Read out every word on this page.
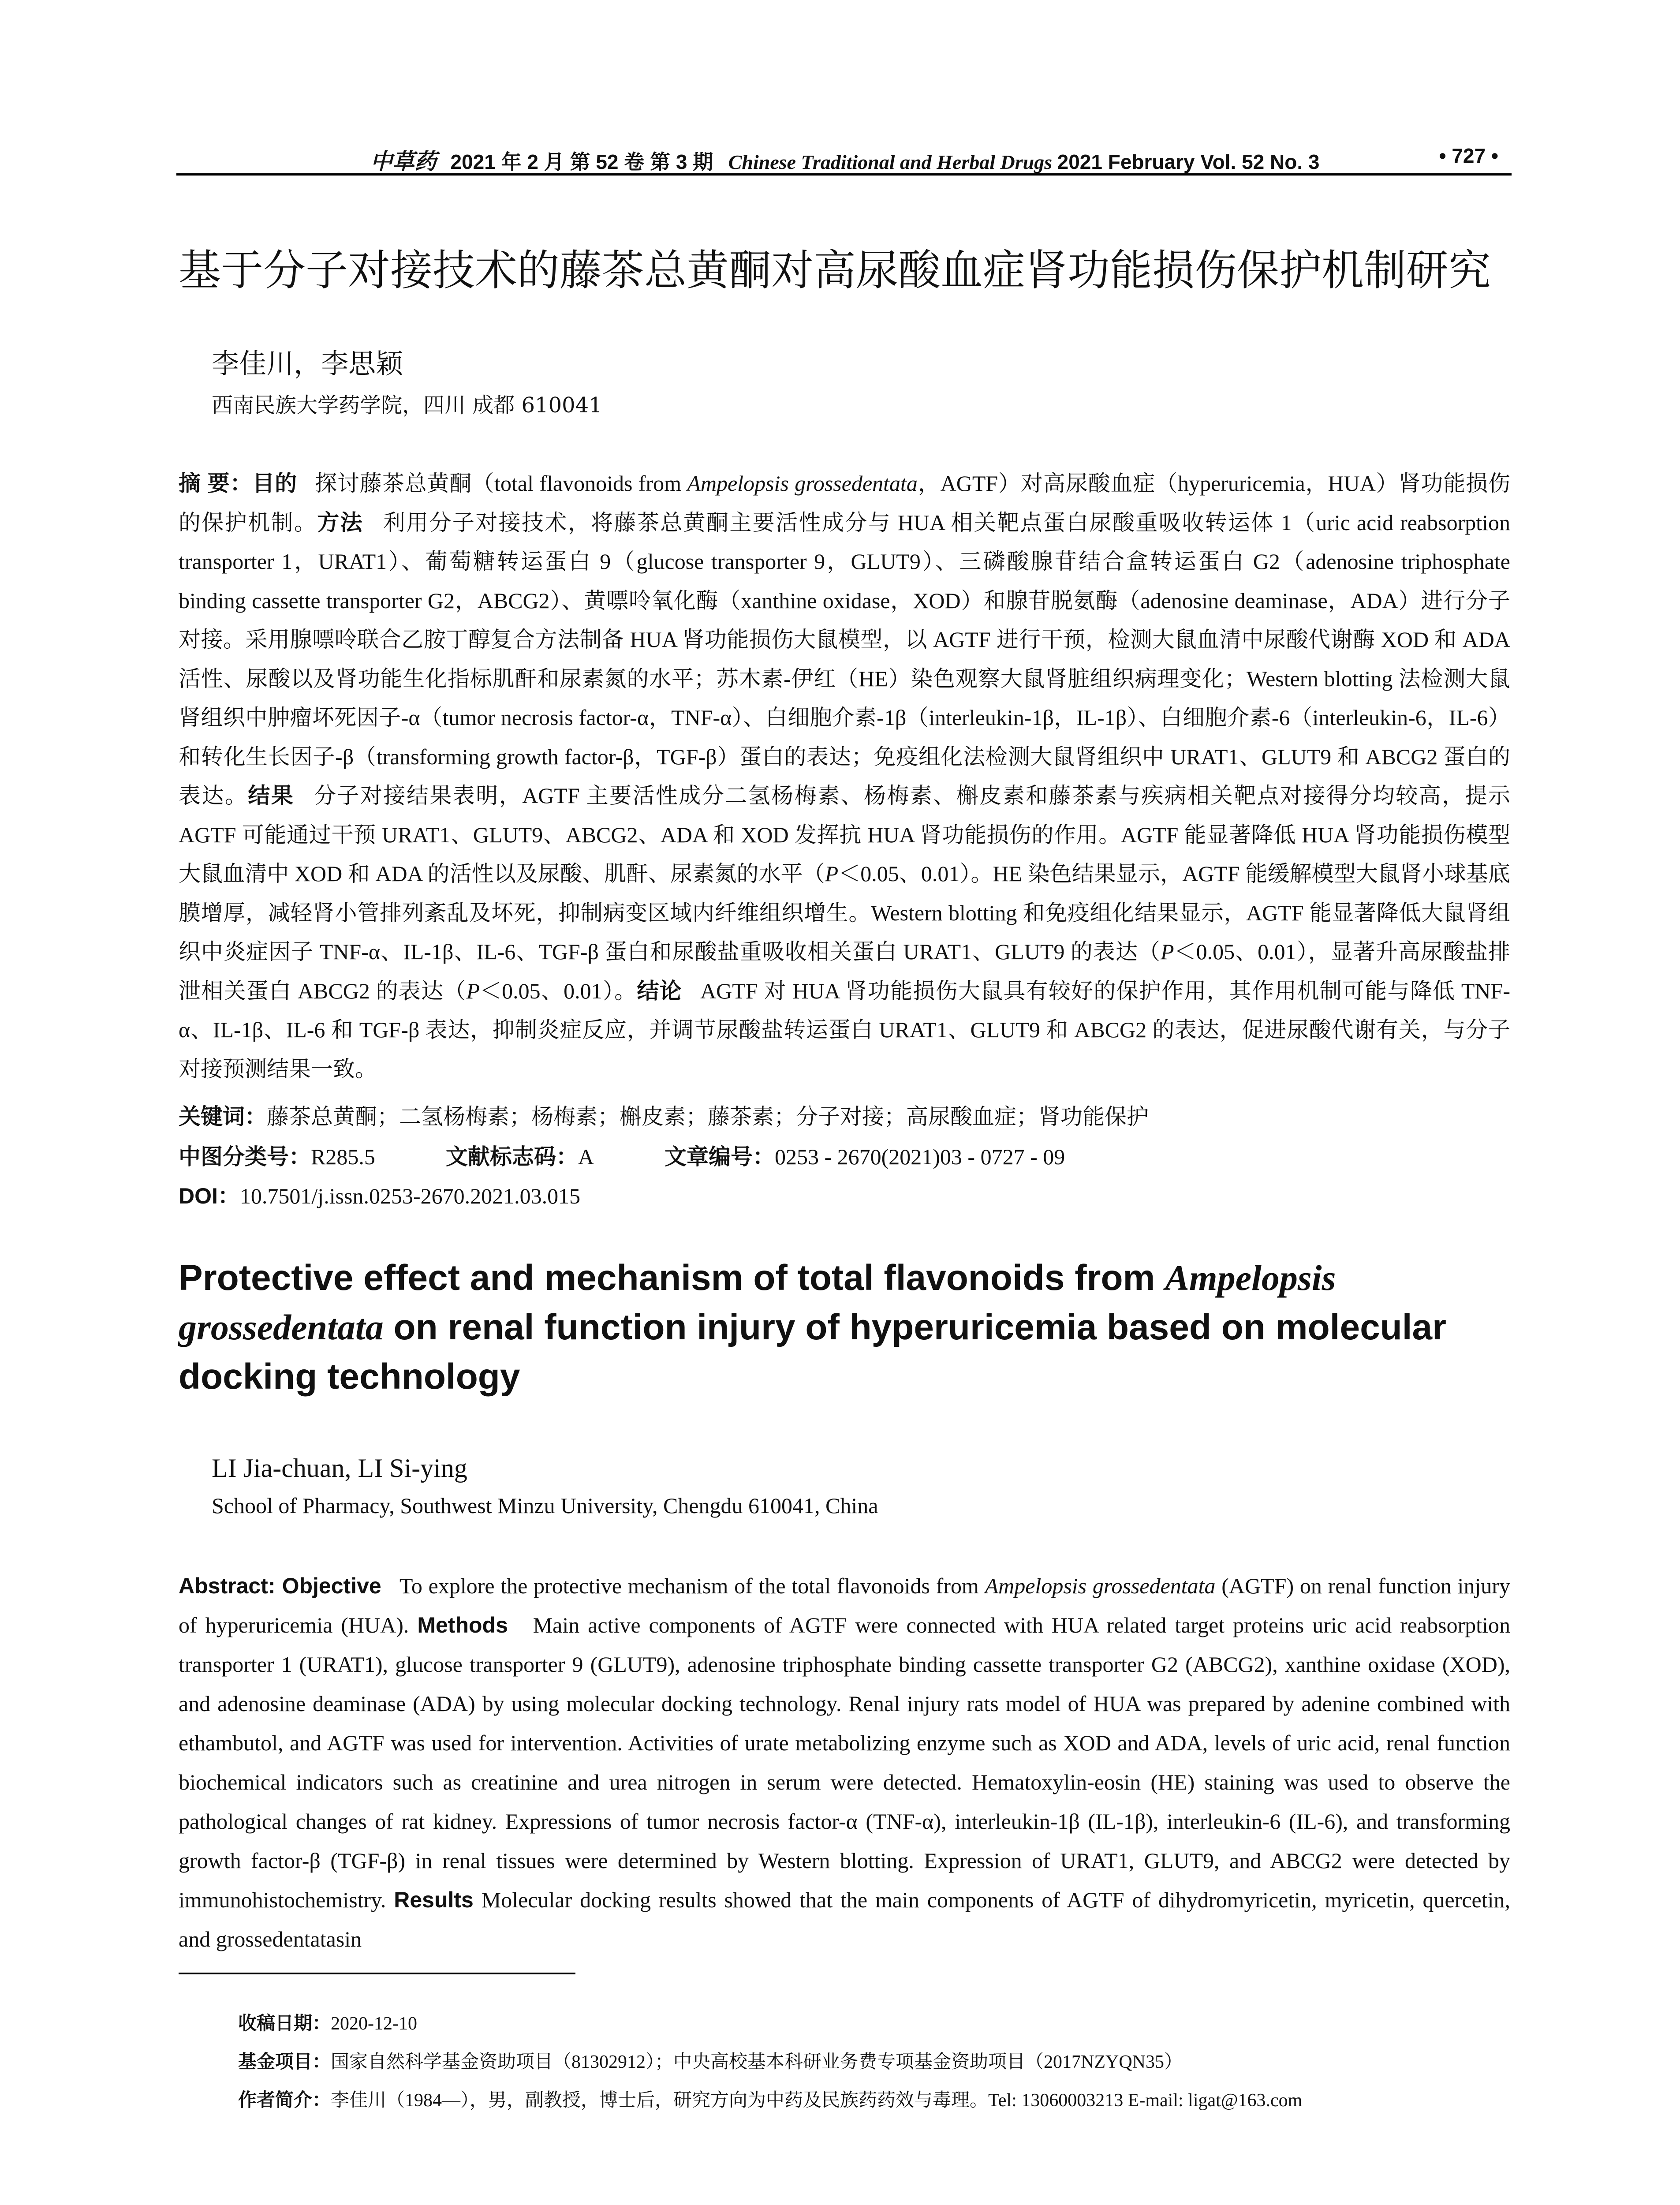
中草药 2021 年 2 月 第 52 卷 第 3 期 Chinese Traditional and Herbal Drugs 2021 February Vol. 52 No. 3	• 727 •
基于分子对接技术的藤茶总黄酮对高尿酸血症肾功能损伤保护机制研究
李佳川，李思颖
西南民族大学药学院，四川 成都 610041
摘 要：目的 探讨藤茶总黄酮（total flavonoids from Ampelopsis grossedentata，AGTF）对高尿酸血症（hyperuricemia，HUA）肾功能损伤的保护机制。方法 利用分子对接技术，将藤茶总黄酮主要活性成分与 HUA 相关靶点蛋白尿酸重吸收转运体 1（uric acid reabsorption transporter 1，URAT1）、葡萄糖转运蛋白 9（glucose transporter 9，GLUT9）、三磷酸腺苷结合盒转运蛋白 G2（adenosine triphosphate binding cassette transporter G2，ABCG2）、黄嘌呤氧化酶（xanthine oxidase，XOD）和腺苷脱氨酶（adenosine deaminase，ADA）进行分子对接。采用腺嘌呤联合乙胺丁醇复合方法制备 HUA 肾功能损伤大鼠模型，以 AGTF 进行干预，检测大鼠血清中尿酸代谢酶 XOD 和 ADA 活性、尿酸以及肾功能生化指标肌酐和尿素氮的水平；苏木素-伊红（HE）染色观察大鼠肾脏组织病理变化；Western blotting 法检测大鼠肾组织中肿瘤坏死因子-α（tumor necrosis factor-α，TNF-α）、白细胞介素-1β（interleukin-1β，IL-1β）、白细胞介素-6（interleukin-6，IL-6）和转化生长因子-β（transforming growth factor-β，TGF-β）蛋白的表达；免疫组化法检测大鼠肾组织中 URAT1、GLUT9 和 ABCG2 蛋白的表达。结果 分子对接结果表明，AGTF 主要活性成分二氢杨梅素、杨梅素、槲皮素和藤茶素与疾病相关靶点对接得分均较高，提示 AGTF 可能通过干预 URAT1、GLUT9、ABCG2、ADA 和 XOD 发挥抗 HUA 肾功能损伤的作用。AGTF 能显著降低 HUA 肾功能损伤模型大鼠血清中 XOD 和 ADA 的活性以及尿酸、肌酐、尿素氮的水平（P＜0.05、0.01）。HE 染色结果显示，AGTF 能缓解模型大鼠肾小球基底膜增厚，减轻肾小管排列紊乱及坏死，抑制病变区域内纤维组织增生。Western blotting 和免疫组化结果显示，AGTF 能显著降低大鼠肾组织中炎症因子 TNF-α、IL-1β、IL-6、TGF-β 蛋白和尿酸盐重吸收相关蛋白 URAT1、GLUT9 的表达（P＜0.05、0.01），显著升高尿酸盐排泄相关蛋白 ABCG2 的表达（P＜0.05、0.01）。结论 AGTF 对 HUA 肾功能损伤大鼠具有较好的保护作用，其作用机制可能与降低 TNF-α、IL-1β、IL-6 和 TGF-β 表达，抑制炎症反应，并调节尿酸盐转运蛋白 URAT1、GLUT9 和 ABCG2 的表达，促进尿酸代谢有关，与分子对接预测结果一致。
关键词：藤茶总黄酮；二氢杨梅素；杨梅素；槲皮素；藤茶素；分子对接；高尿酸血症；肾功能保护
中图分类号：R285.5	文献标志码：A	文章编号：0253 - 2670(2021)03 - 0727 - 09
DOI：10.7501/j.issn.0253-2670.2021.03.015
Protective effect and mechanism of total flavonoids from Ampelopsis grossedentata on renal function injury of hyperuricemia based on molecular docking technology
LI Jia-chuan, LI Si-ying
School of Pharmacy, Southwest Minzu University, Chengdu 610041, China
Abstract: Objective To explore the protective mechanism of the total flavonoids from Ampelopsis grossedentata (AGTF) on renal function injury of hyperuricemia (HUA). Methods Main active components of AGTF were connected with HUA related target proteins uric acid reabsorption transporter 1 (URAT1), glucose transporter 9 (GLUT9), adenosine triphosphate binding cassette transporter G2 (ABCG2), xanthine oxidase (XOD), and adenosine deaminase (ADA) by using molecular docking technology. Renal injury rats model of HUA was prepared by adenine combined with ethambutol, and AGTF was used for intervention. Activities of urate metabolizing enzyme such as XOD and ADA, levels of uric acid, renal function biochemical indicators such as creatinine and urea nitrogen in serum were detected. Hematoxylin-eosin (HE) staining was used to observe the pathological changes of rat kidney. Expressions of tumor necrosis factor-α (TNF-α), interleukin-1β (IL-1β), interleukin-6 (IL-6), and transforming growth factor-β (TGF-β) in renal tissues were determined by Western blotting. Expression of URAT1, GLUT9, and ABCG2 were detected by immunohistochemistry. Results Molecular docking results showed that the main components of AGTF of dihydromyricetin, myricetin, quercetin, and grossedentatasin
收稿日期：2020-12-10
基金项目：国家自然科学基金资助项目（81302912）；中央高校基本科研业务费专项基金资助项目（2017NZYQN35）
作者简介：李佳川（1984—），男，副教授，博士后，研究方向为中药及民族药药效与毒理。Tel: 13060003213 E-mail: ligat@163.com
